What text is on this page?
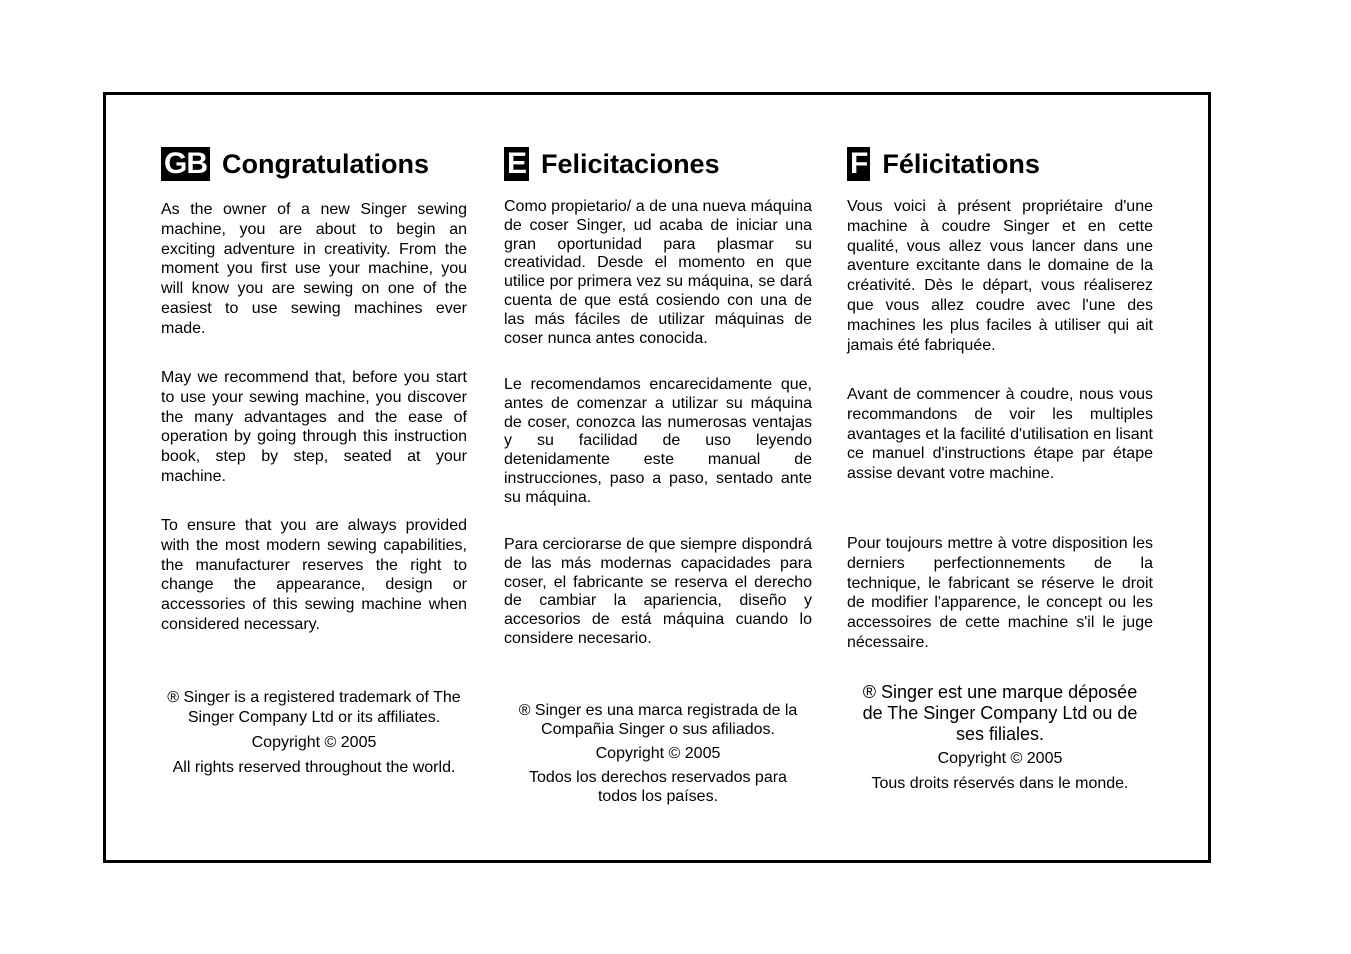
GB Congratulations

As the owner of a new Singer sewing machine, you are about to begin an exciting adventure in creativity. From the moment you first use your machine, you will know you are sewing on one of the easiest to use sewing machines ever made.

May we recommend that, before you start to use your sewing machine, you discover the many advantages and the ease of operation by going through this instruction book, step by step, seated at your machine.

To ensure that you are always provided with the most modern sewing capabilities, the manufacturer reserves the right to change the appearance, design or accessories of this sewing machine when considered necessary.

® Singer is a registered trademark of The Singer Company Ltd or its affiliates.
Copyright © 2005
All rights reserved throughout the world.
E Felicitaciones

Como propietario/ a de una nueva máquina de coser Singer, ud acaba de iniciar una gran oportunidad para plasmar su creatividad. Desde el momento en que utilice por primera vez su máquina, se dará cuenta de que está cosiendo con una de las más fáciles de utilizar máquinas de coser nunca antes conocida.

Le recomendamos encarecidamente que, antes de comenzar a utilizar su máquina de coser, conozca las numerosas ventajas y su facilidad de uso leyendo detenidamente este manual de instrucciones, paso a paso, sentado ante su máquina.

Para cerciorarse de que siempre dispondrá de las más modernas capacidades para coser, el fabricante se reserva el derecho de cambiar la apariencia, diseño y accesorios de está máquina cuando lo considere necesario.

® Singer es una marca registrada de la Compañia Singer o sus afiliados.
Copyright © 2005
Todos los derechos reservados para todos los países.
F Félicitations

Vous voici à présent propriétaire d'une machine à coudre Singer et en cette qualité, vous allez vous lancer dans une aventure excitante dans le domaine de la créativité. Dès le départ, vous réaliserez que vous allez coudre avec l'une des machines les plus faciles à utiliser qui ait jamais été fabriquée.

Avant de commencer à coudre, nous vous recommandons de voir les multiples avantages et la facilité d'utilisation en lisant ce manuel d'instructions étape par étape assise devant votre machine.

Pour toujours mettre à votre disposition les derniers perfectionnements de la technique, le fabricant se réserve le droit de modifier l'apparence, le concept ou les accessoires de cette machine s'il le juge nécessaire.

® Singer est une marque déposée de The Singer Company Ltd ou de ses filiales.
Copyright © 2005
Tous droits réservés dans le monde.
